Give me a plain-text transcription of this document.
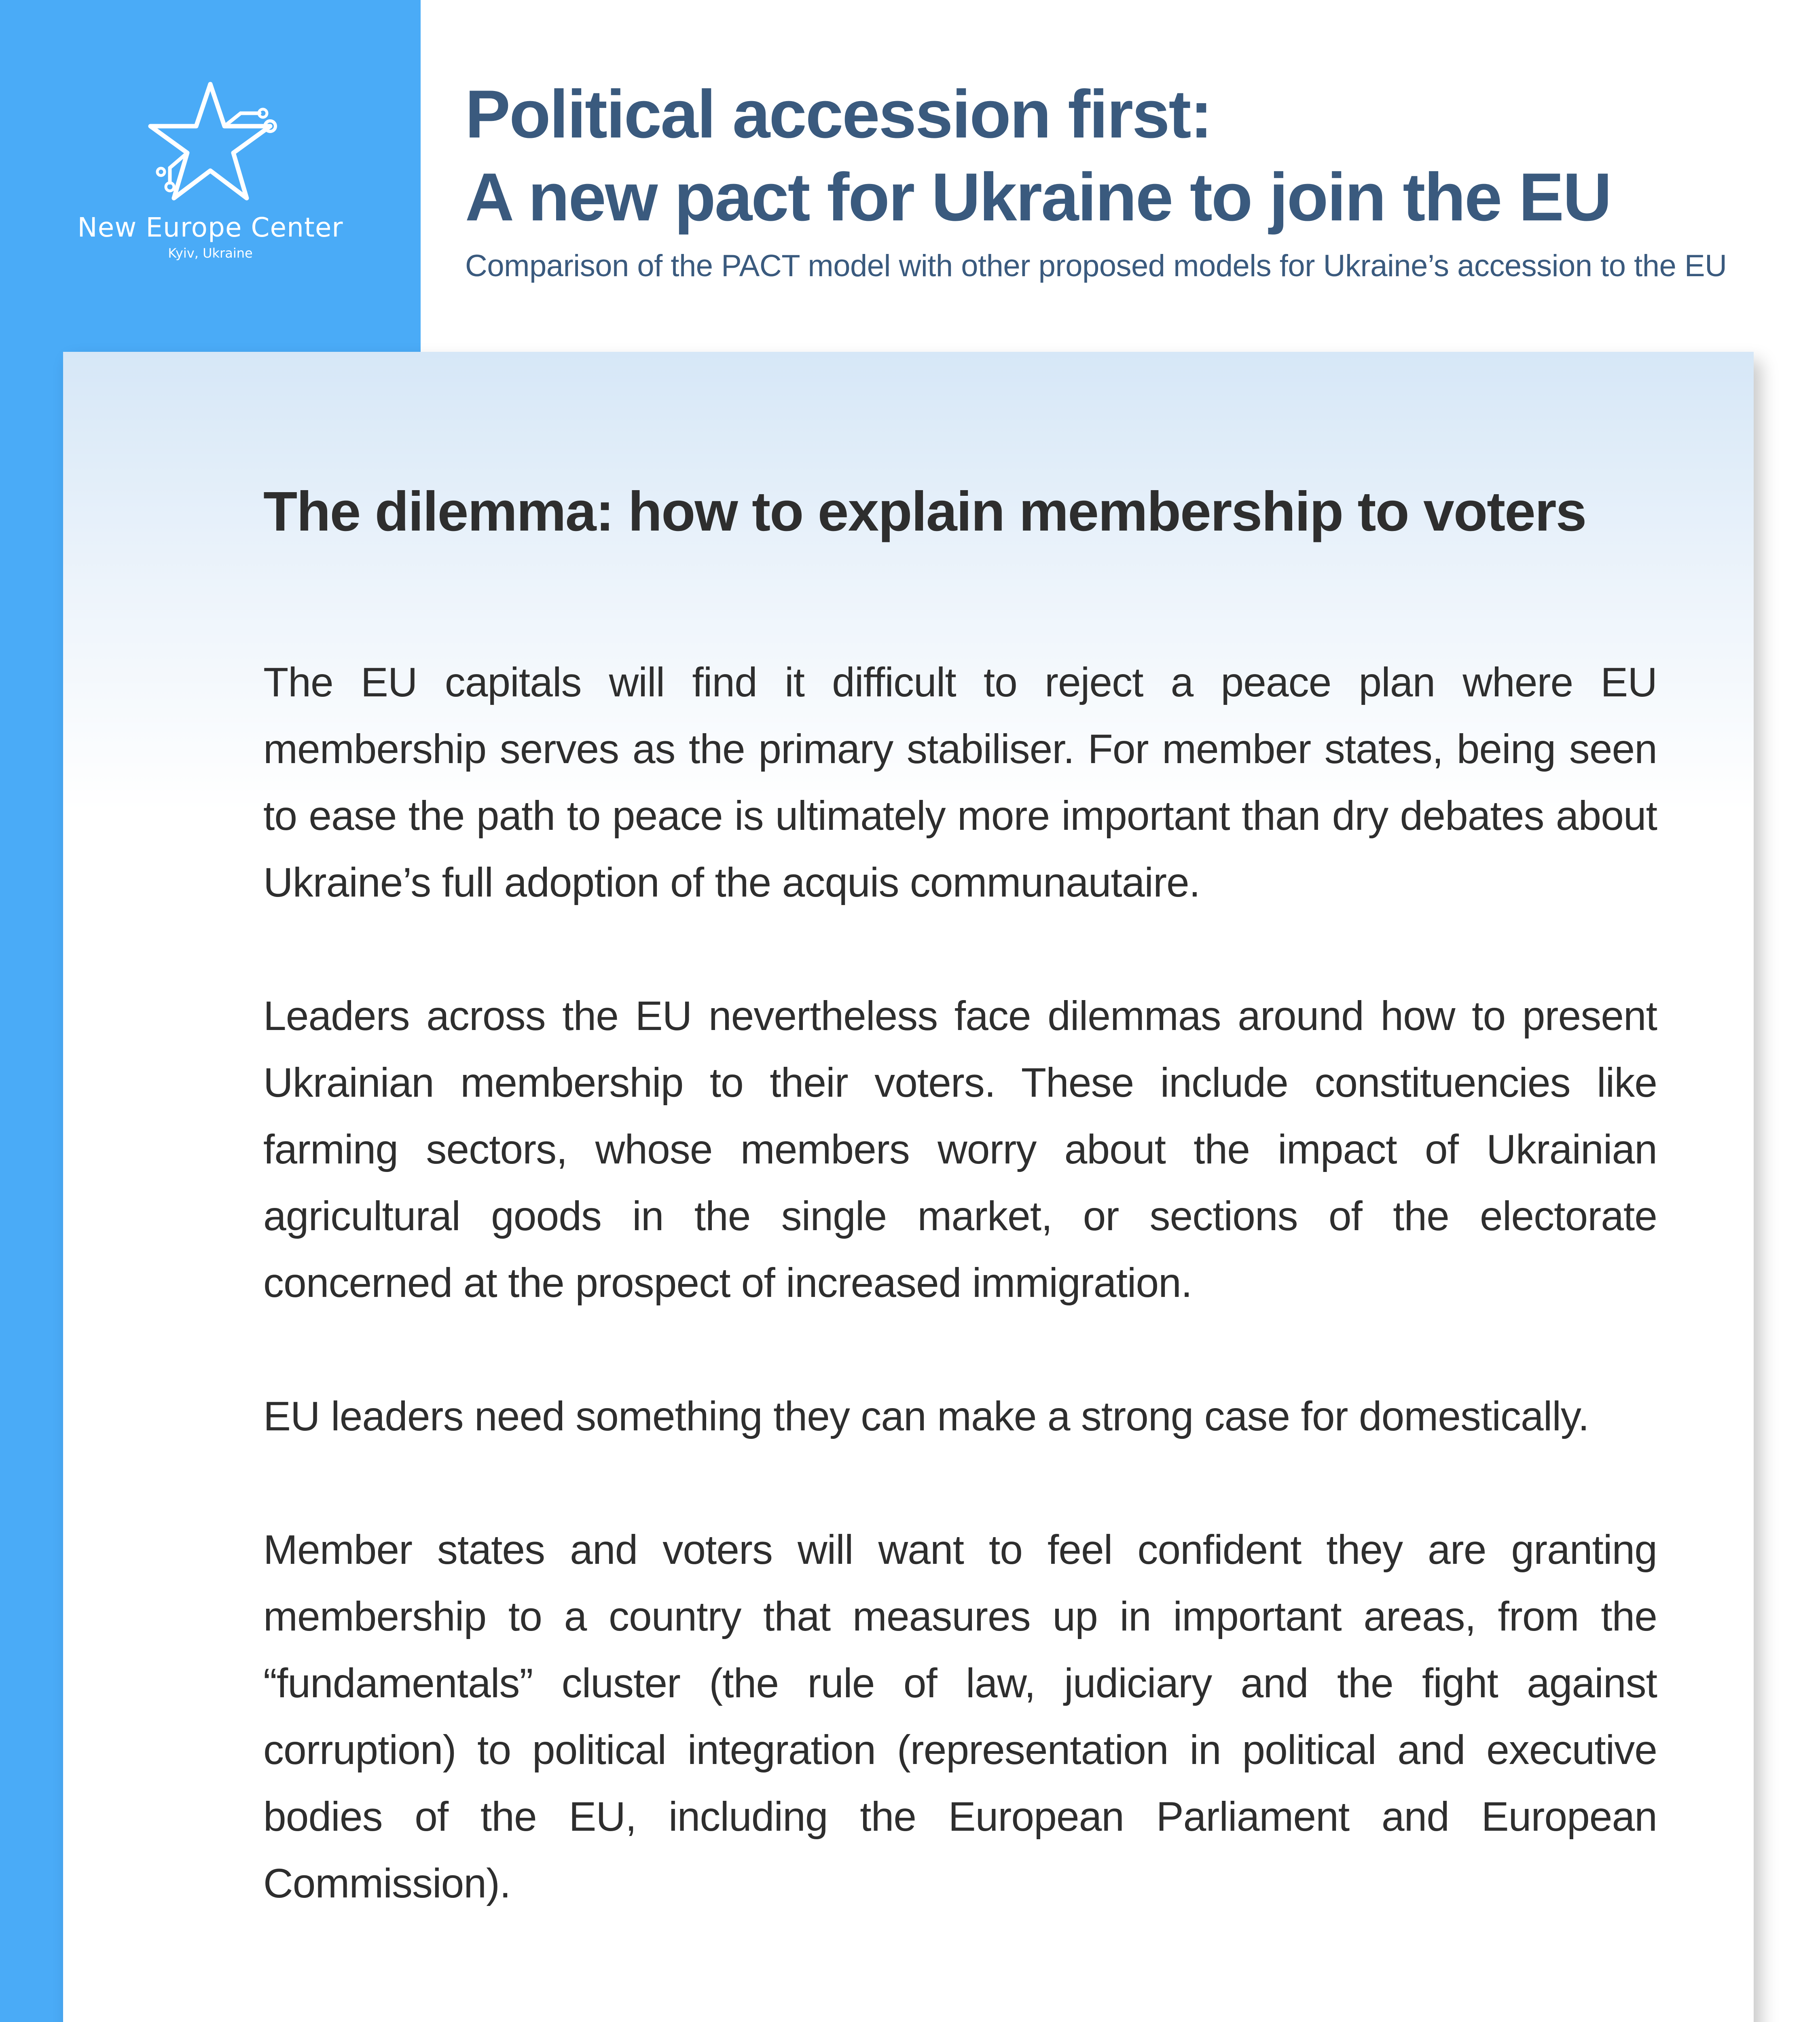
New Europe Center
Kyiv, Ukraine
Political accession first:
A new pact for Ukraine to join the EU

Comparison of the PACT model with other proposed models for Ukraine’s accession to the EU

The dilemma: how to explain membership to voters

The EU capitals will find it difficult to reject a peace plan where EU membership serves as the primary stabiliser. For member states, being seen to ease the path to peace is ultimately more important than dry debates about Ukraine’s full adoption of the acquis communautaire.

Leaders across the EU nevertheless face dilemmas around how to present Ukrainian membership to their voters. These include constituencies like farming sectors, whose members worry about the impact of Ukrainian agricultural goods in the single market, or sections of the electorate concerned at the prospect of increased immigration.

EU leaders need something they can make a strong case for domestically.

Member states and voters will want to feel confident they are granting membership to a country that measures up in important areas, from the “fundamentals” cluster (the rule of law, judiciary and the fight against corruption) to political integration (representation in political and executive bodies of the EU, including the European Parliament and European Commission).
